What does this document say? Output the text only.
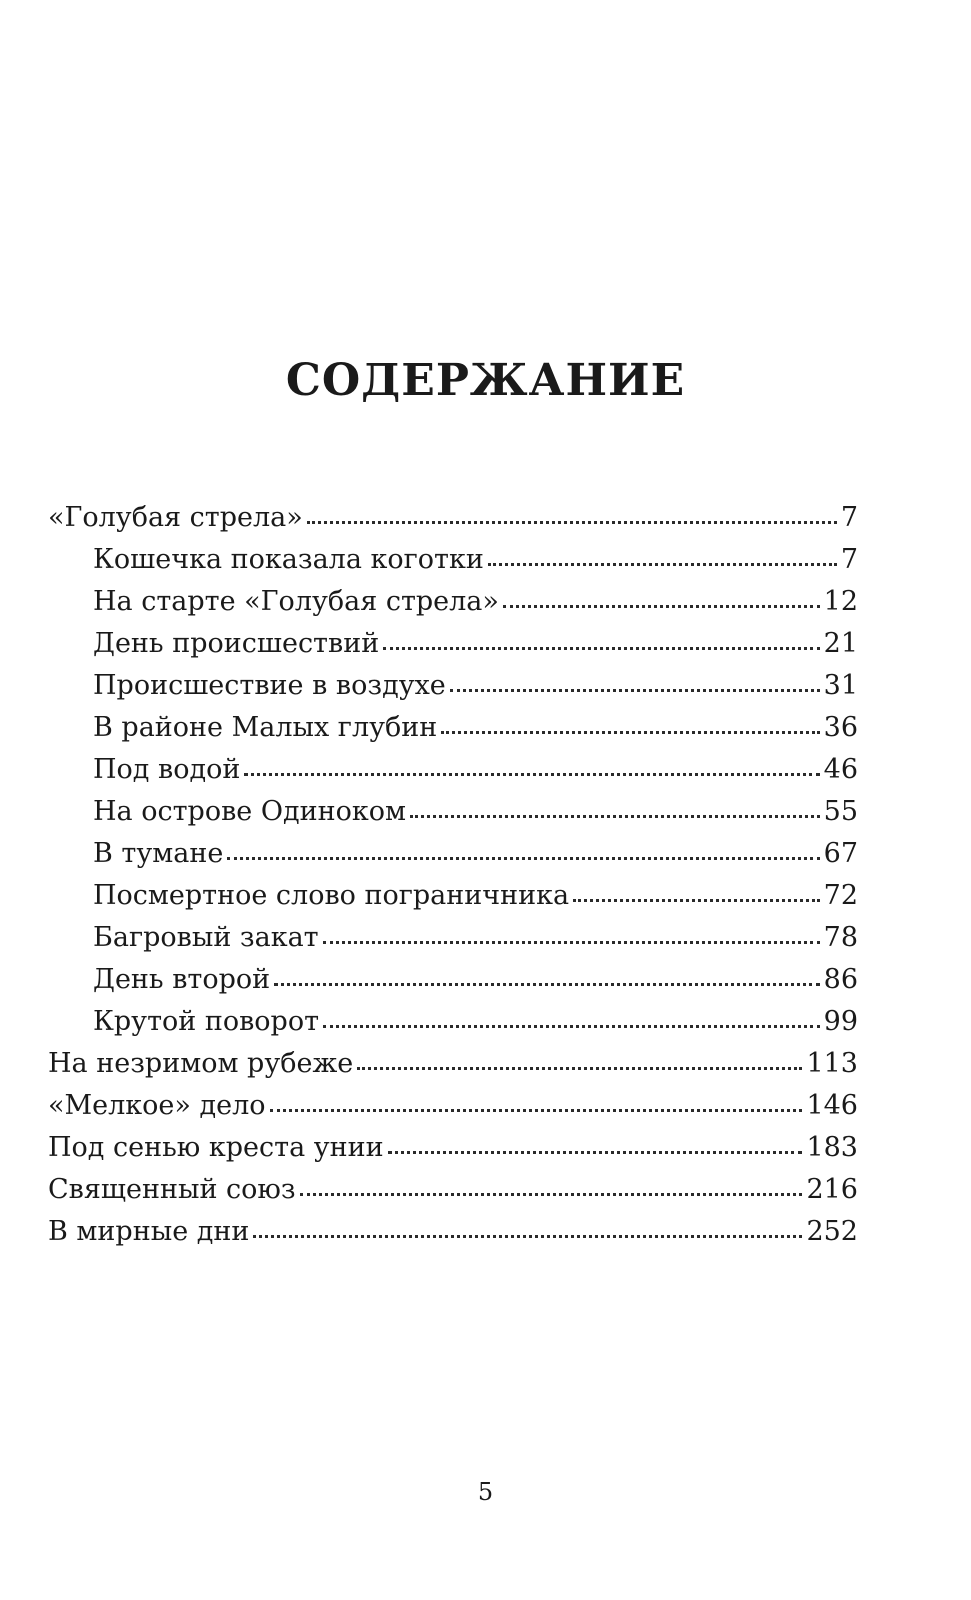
СОДЕРЖАНИЕ
«Голубая стрела»	7
Кошечка показала коготки	7
На старте «Голубая стрела»	12
День происшествий	21
Происшествие в воздухе	31
В районе Малых глубин	36
Под водой	46
На острове Одиноком	55
В тумане	67
Посмертное слово пограничника	72
Багровый закат	78
День второй	86
Крутой поворот	99
На незримом рубеже	113
«Мелкое» дело	146
Под сенью креста унии	183
Священный союз	216
В мирные дни	252
5
